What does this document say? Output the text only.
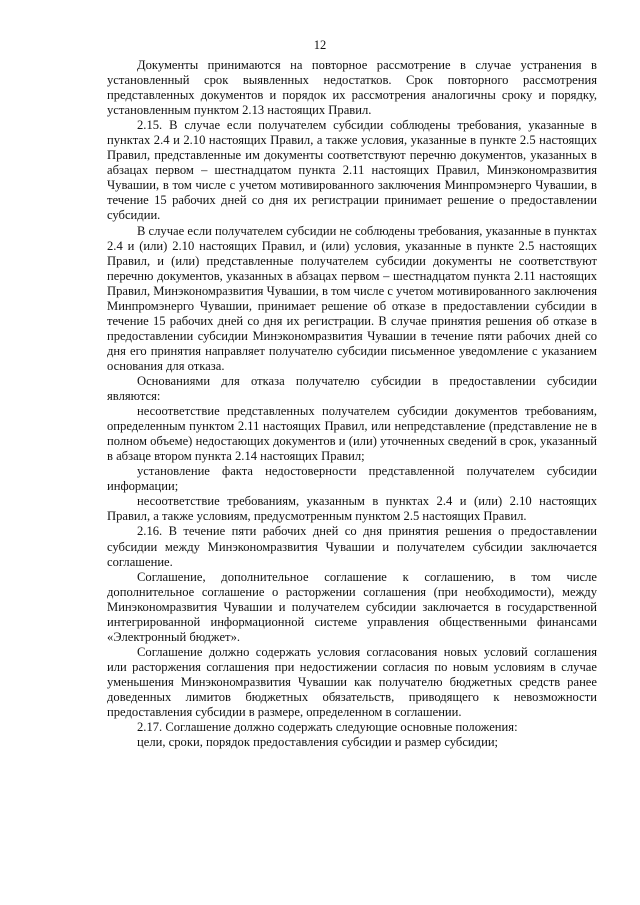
12

Документы принимаются на повторное рассмотрение в случае устранения в установленный срок выявленных недостатков. Срок повторного рассмотрения представленных документов и порядок их рассмотрения аналогичны сроку и порядку, установленным пунктом 2.13 настоящих Правил.

2.15. В случае если получателем субсидии соблюдены требования, указанные в пунктах 2.4 и 2.10 настоящих Правил, а также условия, указанные в пункте 2.5 настоящих Правил, представленные им документы соответствуют перечню документов, указанных в абзацах первом – шестнадцатом пункта 2.11 настоящих Правил, Минэкономразвития Чувашии, в том числе с учетом мотивированного заключения Минпромэнерго Чувашии, в течение 15 рабочих дней со дня их регистрации принимает решение о предоставлении субсидии.

В случае если получателем субсидии не соблюдены требования, указанные в пунктах 2.4 и (или) 2.10 настоящих Правил, и (или) условия, указанные в пункте 2.5 настоящих Правил, и (или) представленные получателем субсидии документы не соответствуют перечню документов, указанных в абзацах первом – шестнадцатом пункта 2.11 настоящих Правил, Минэкономразвития Чувашии, в том числе с учетом мотивированного заключения Минпромэнерго Чувашии, принимает решение об отказе в предоставлении субсидии в течение 15 рабочих дней со дня их регистрации. В случае принятия решения об отказе в предоставлении субсидии Минэкономразвития Чувашии в течение пяти рабочих дней со дня его принятия направляет получателю субсидии письменное уведомление с указанием основания для отказа.

Основаниями для отказа получателю субсидии в предоставлении субсидии являются:

несоответствие представленных получателем субсидии документов требованиям, определенным пунктом 2.11 настоящих Правил, или непредставление (представление не в полном объеме) недостающих документов и (или) уточненных сведений в срок, указанный в абзаце втором пункта 2.14 настоящих Правил;

установление факта недостоверности представленной получателем субсидии информации;

несоответствие требованиям, указанным в пунктах 2.4 и (или) 2.10 настоящих Правил, а также условиям, предусмотренным пунктом 2.5 настоящих Правил.

2.16. В течение пяти рабочих дней со дня принятия решения о предоставлении субсидии между Минэкономразвития Чувашии и получателем субсидии заключается соглашение.

Соглашение, дополнительное соглашение к соглашению, в том числе дополнительное соглашение о расторжении соглашения (при необходимости), между Минэкономразвития Чувашии и получателем субсидии заключается в государственной интегрированной информационной системе управления общественными финансами «Электронный бюджет».

Соглашение должно содержать условия согласования новых условий соглашения или расторжения соглашения при недостижении согласия по новым условиям в случае уменьшения Минэкономразвития Чувашии как получателю бюджетных средств ранее доведенных лимитов бюджетных обязательств, приводящего к невозможности предоставления субсидии в размере, определенном в соглашении.

2.17. Соглашение должно содержать следующие основные положения:

цели, сроки, порядок предоставления субсидии и размер субсидии;
